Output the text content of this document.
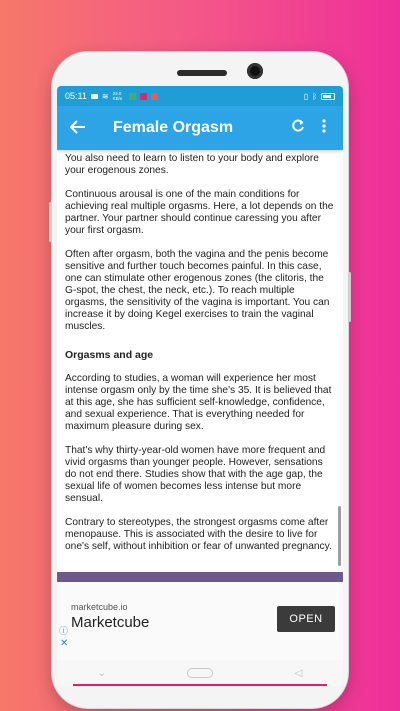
05:11 ≋ 23.0 KB/s	▯ ᛒ
Female Orgasm

You also need to learn to listen to your body and explore your erogenous zones.

Continuous arousal is one of the main conditions for achieving real multiple orgasms. Here, a lot depends on the partner. Your partner should continue caressing you after your first orgasm.

Often after orgasm, both the vagina and the penis become sensitive and further touch becomes painful. In this case, one can stimulate other erogenous zones (the clitoris, the G-spot, the chest, the neck, etc.). To reach multiple orgasms, the sensitivity of the vagina is important. You can increase it by doing Kegel exercises to train the vaginal muscles.

Orgasms and age

According to studies, a woman will experience her most intense orgasm only by the time she's 35. It is believed that at this age, she has sufficient self-knowledge, confidence, and sexual experience. That is everything needed for maximum pleasure during sex.

That's why thirty-year-old women have more frequent and vivid orgasms than younger people. However, sensations do not end there. Studies show that with the age gap, the sexual life of women becomes less intense but more sensual.

Contrary to stereotypes, the strongest orgasms come after menopause. This is associated with the desire to live for one's self, without inhibition or fear of unwanted pregnancy.

marketcube.io
Marketcube	OPEN
ⓘ
✕
⌄	◁
